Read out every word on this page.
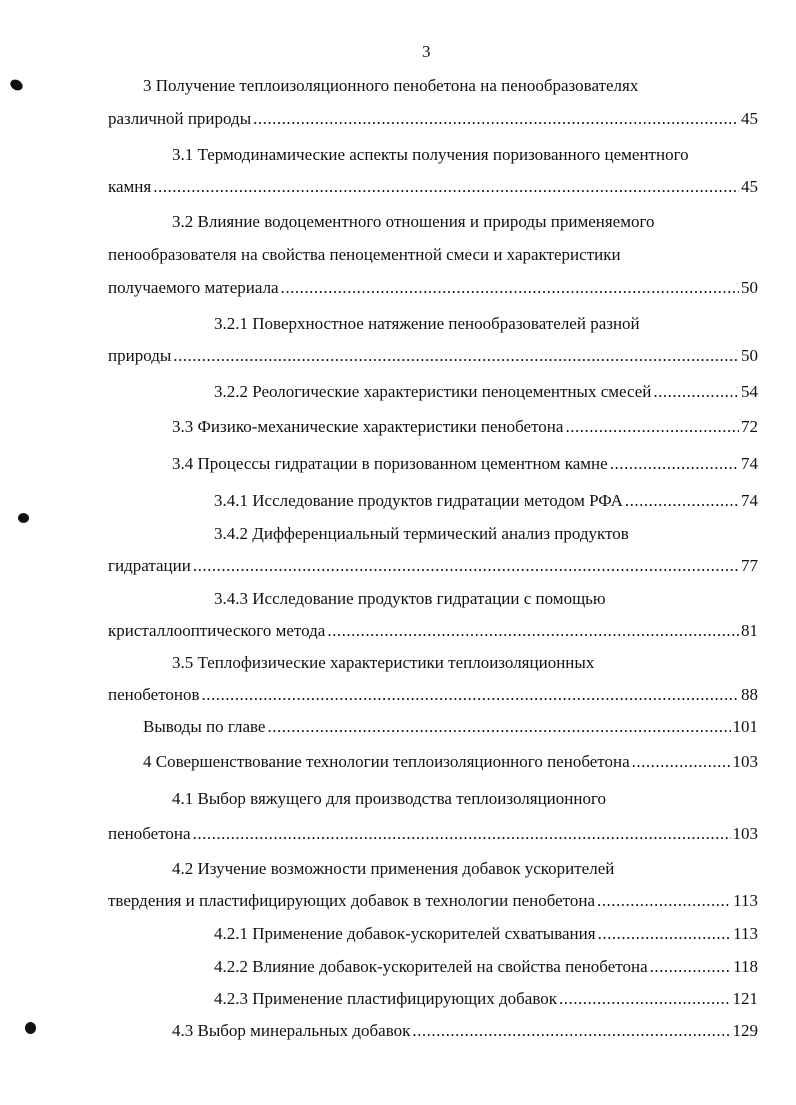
3
3 Получение теплоизоляционного пенобетона на пенообразователях
различной природы .....	45
3.1 Термодинамические аспекты получения поризованного цементного
камня .....	45
3.2 Влияние водоцементного отношения и природы применяемого
пенообразователя на свойства пеноцементной смеси и характеристики
получаемого материала .....	50
3.2.1 Поверхностное натяжение пенообразователей разной
природы .....	50
3.2.2 Реологические характеристики пеноцементных смесей .....	54
3.3 Физико-механические характеристики пенобетона .....	72
3.4 Процессы гидратации в поризованном цементном камне .....	74
3.4.1 Исследование продуктов гидратации методом РФА .....	74
3.4.2 Дифференциальный термический анализ продуктов
гидратации .....	77
3.4.3 Исследование продуктов гидратации с помощью
кристаллооптического метода .....	81
3.5 Теплофизические характеристики теплоизоляционных
пенобетонов .....	88
Выводы по главе .....	101
4 Совершенствование технологии теплоизоляционного пенобетона .....	103
4.1 Выбор вяжущего для производства теплоизоляционного
пенобетона .....	103
4.2 Изучение возможности применения добавок ускорителей
твердения и пластифицирующих добавок в технологии пенобетона .....	113
4.2.1 Применение добавок-ускорителей схватывания .....	113
4.2.2 Влияние добавок-ускорителей на свойства пенобетона .....	118
4.2.3 Применение пластифицирующих добавок .....	121
4.3 Выбор минеральных добавок .....	129
